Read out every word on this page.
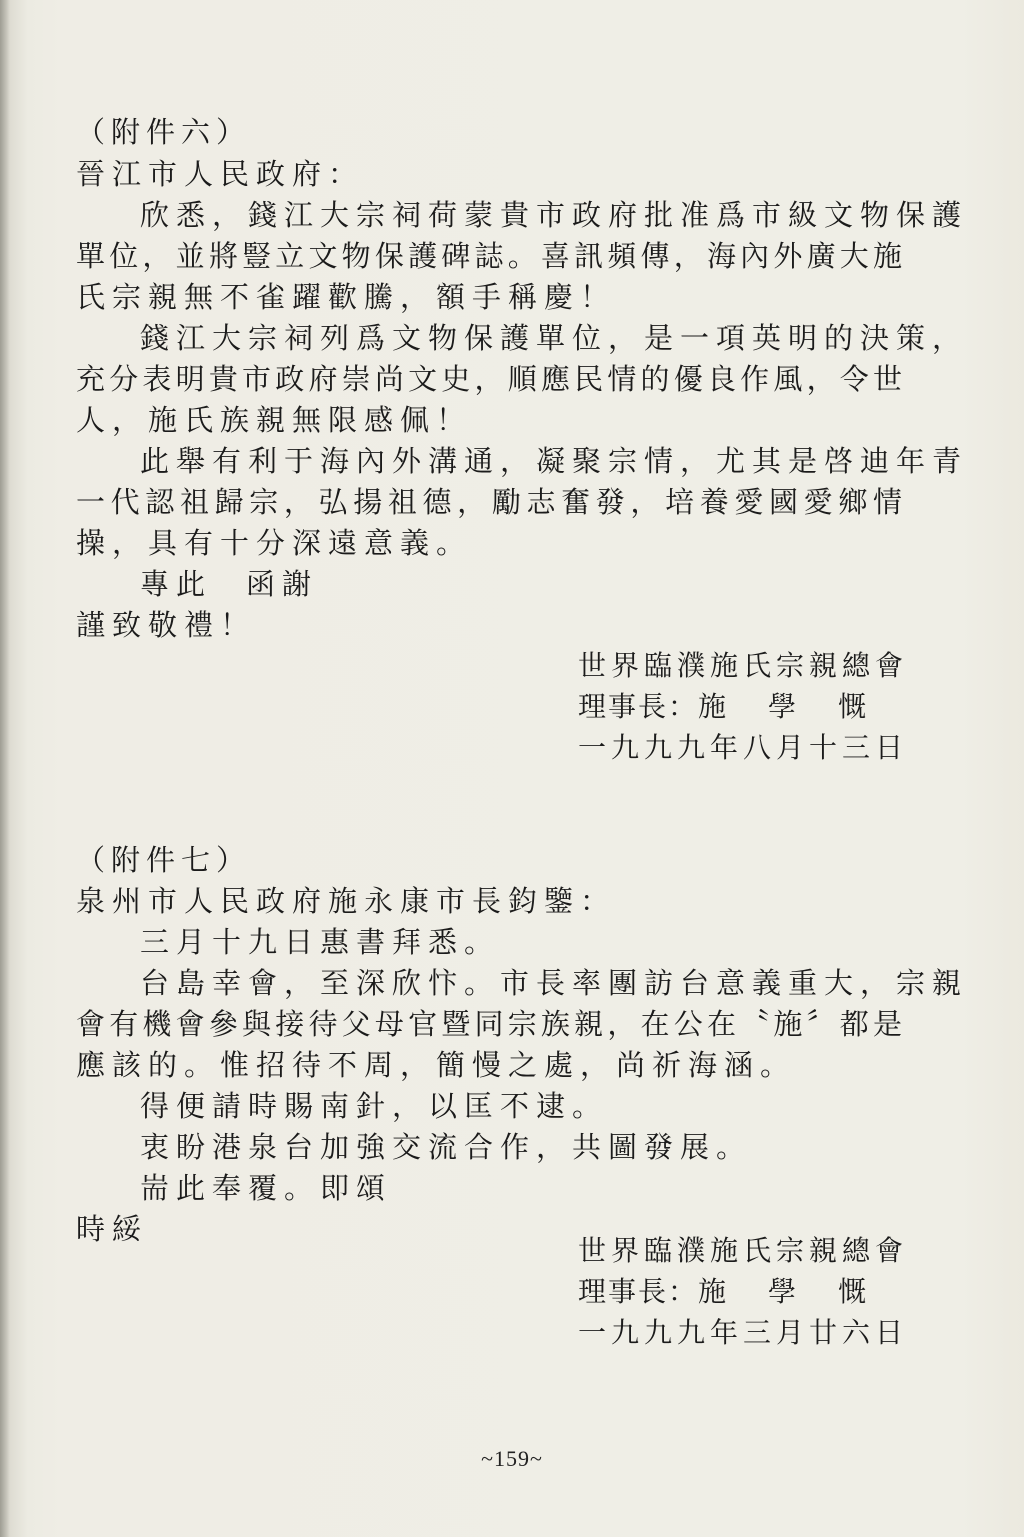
（附件六）
晉江市人民政府：
欣悉，錢江大宗祠荷蒙貴市政府批准爲市級文物保護
單位，並將豎立文物保護碑誌。喜訊頻傳，海內外廣大施
氏宗親無不雀躍歡騰，額手稱慶！
錢江大宗祠列爲文物保護單位，是一項英明的決策，
充分表明貴市政府崇尚文史，順應民情的優良作風，令世
人，施氏族親無限感佩！
此舉有利于海內外溝通，凝聚宗情，尤其是啓迪年青
一代認祖歸宗，弘揚祖德，勵志奮發，培養愛國愛鄉情
操，具有十分深遠意義。
專此 函謝
謹致敬禮！
世界臨濮施氏宗親總會
理事長：施 學 慨
一九九九年八月十三日
（附件七）
泉州市人民政府施永康市長鈞鑒：
三月十九日惠書拜悉。
台島幸會，至深欣忭。市長率團訪台意義重大，宗親
會有機會參與接待父母官暨同宗族親，在公在〝施〞都是
應該的。惟招待不周，簡慢之處，尚祈海涵。
得便請時賜南針，以匡不逮。
衷盼港泉台加強交流合作，共圖發展。
耑此奉覆。即頌
時綏
世界臨濮施氏宗親總會
理事長：施 學 慨
一九九九年三月廿六日
~159~
